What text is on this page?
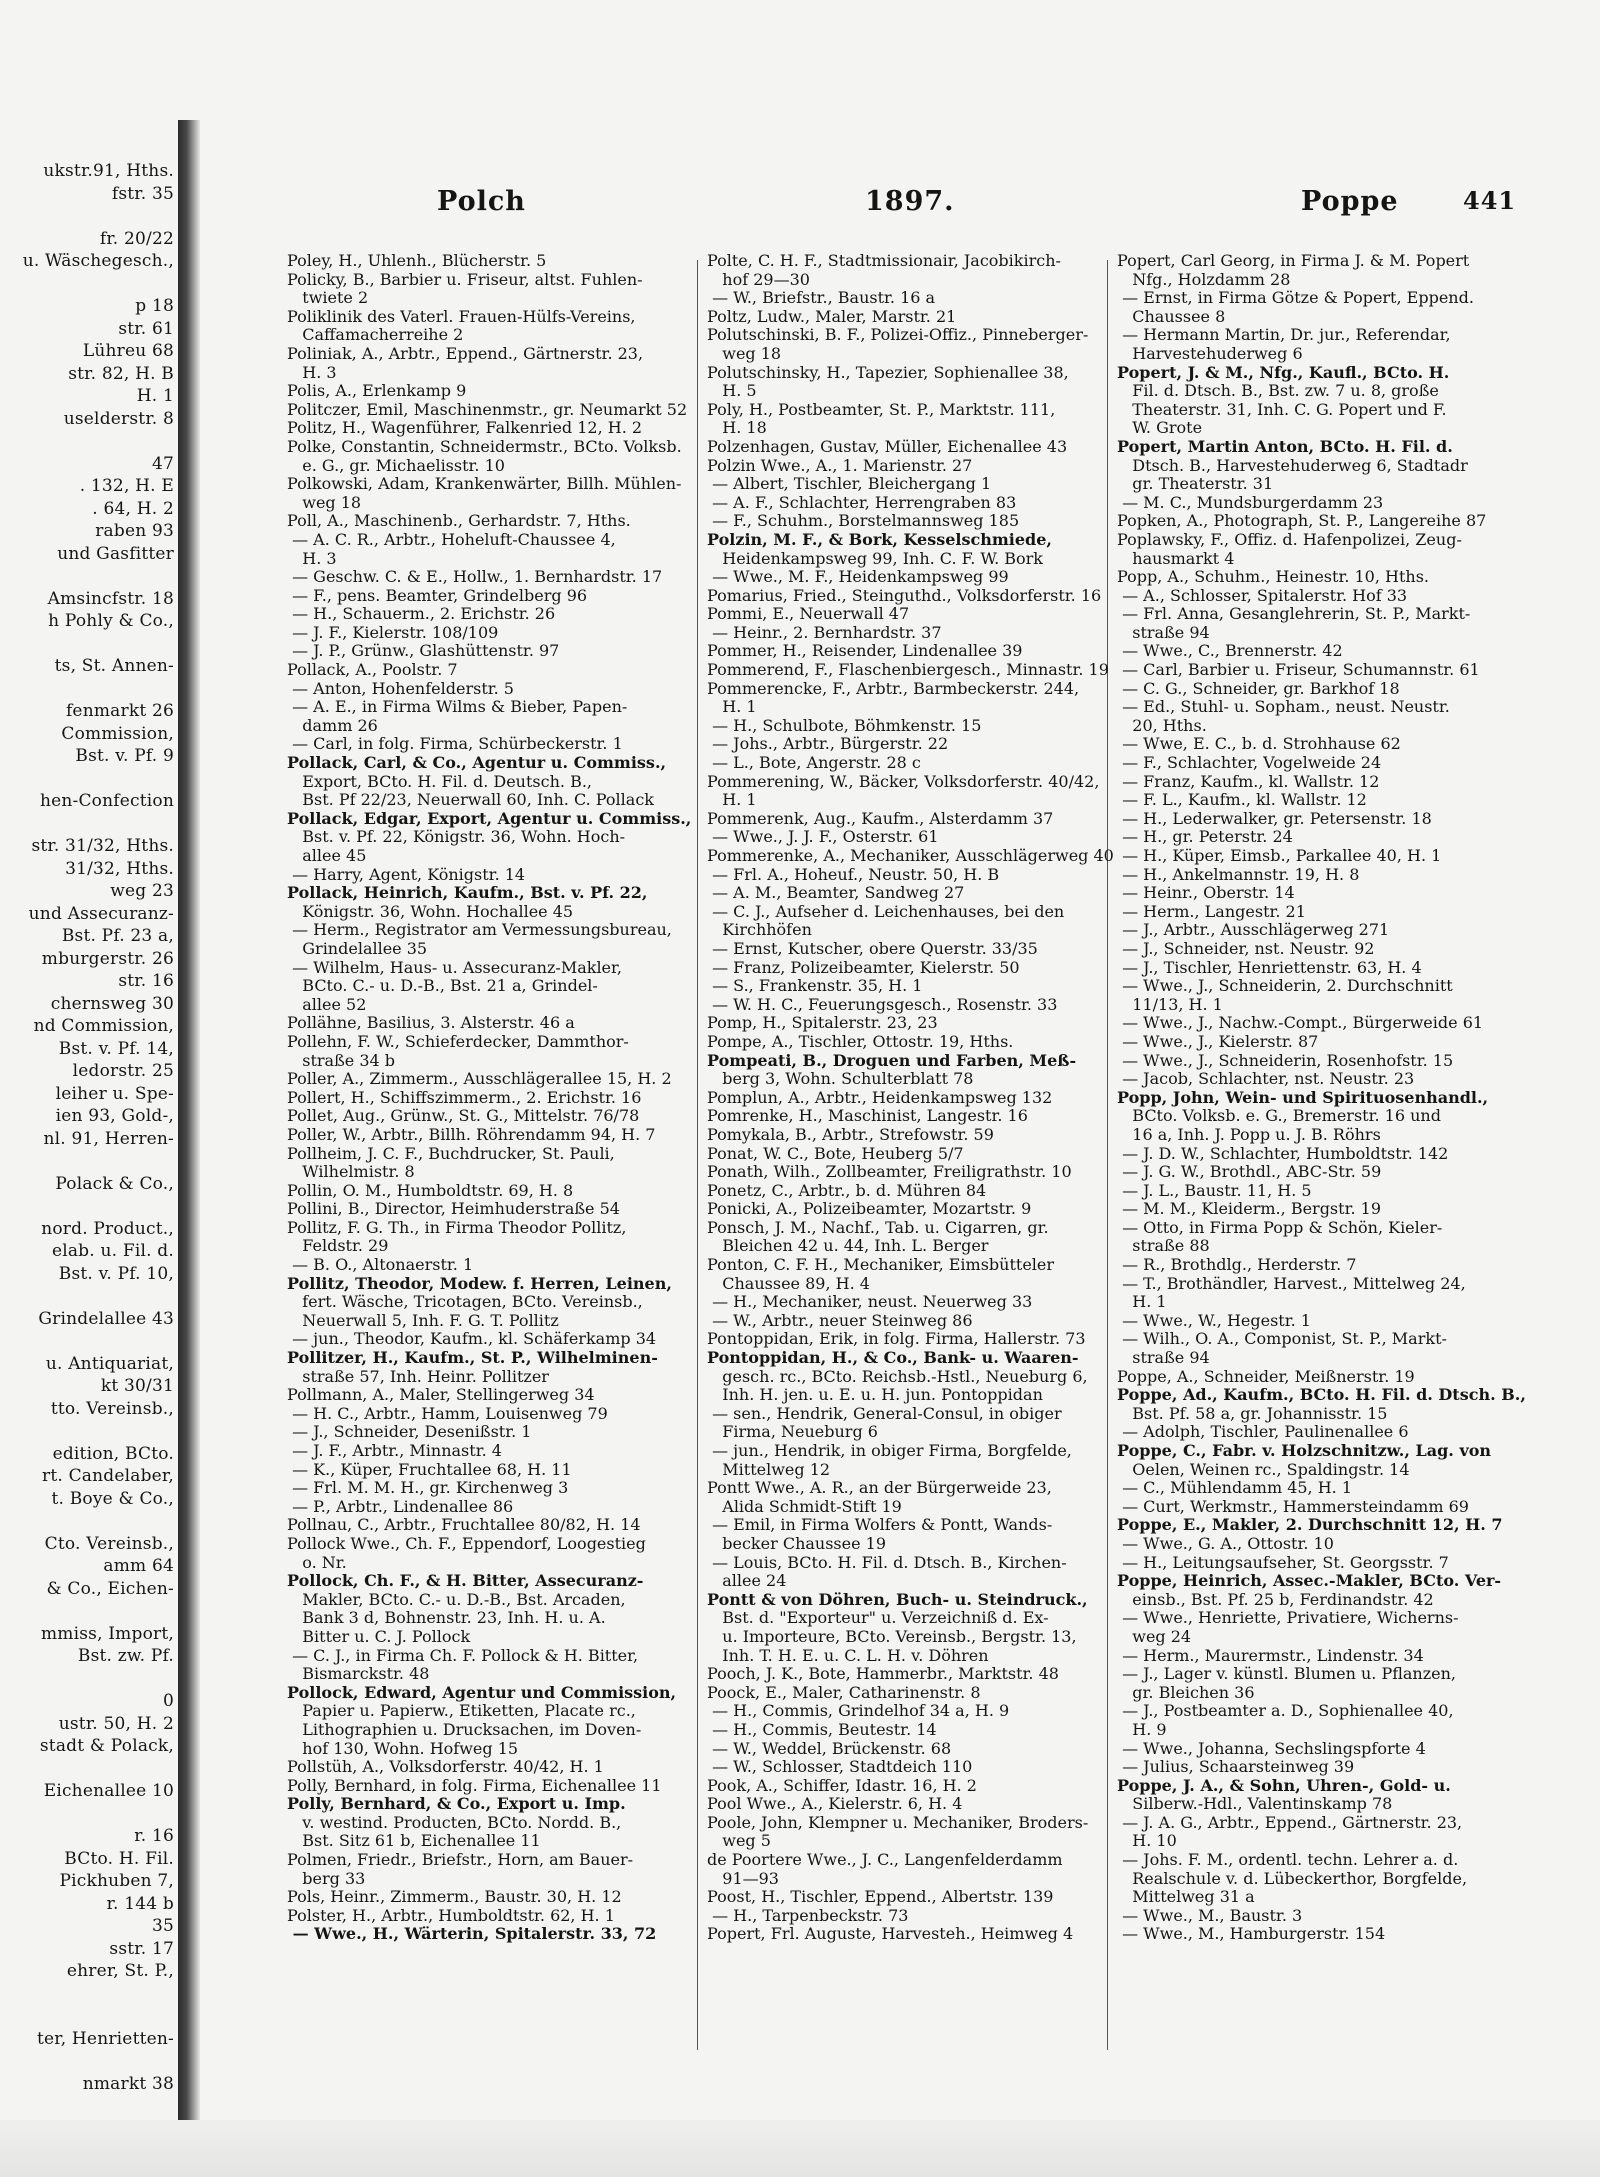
ukstr.91, Hths.
fstr. 35
fr. 20/22
u. Wäschegesch.,
p 18
str. 61
Lühreu 68
str. 82, H. B
H. 1
uselderstr. 8
47
. 132, H. E
. 64, H. 2
raben 93
und Gasfitter
Amsincfstr. 18
h Pohly & Co.,
ts, St. Annen-
fenmarkt 26
Commission,
Bst. v. Pf. 9
hen-Confection
str. 31/32, Hths.
31/32, Hths.
weg 23
und Assecuranz-
Bst. Pf. 23 a,
mburgerstr. 26
str. 16
chernsweg 30
nd Commission,
Bst. v. Pf. 14,
ledorstr. 25
leiher u. Spe-
ien 93, Gold-,
nl. 91, Herren-
Polack & Co.,
nord. Product.,
elab. u. Fil. d.
Bst. v. Pf. 10,
Grindelallee 43
u. Antiquariat,
kt 30/31
tto. Vereinsb.,
edition, BCto.
rt. Candelaber,
t. Boye & Co.,
Cto. Vereinsb.,
amm 64
& Co., Eichen-
mmiss, Import,
Bst. zw. Pf.
0
ustr. 50, H. 2
stadt & Polack,
Eichenallee 10
r. 16
BCto. H. Fil.
Pickhuben 7,
r. 144 b
35
sstr. 17
ehrer, St. P.,
ter, Henrietten-
nmarkt 38
Polch	1897.	Poppe	441
Poley, H., Uhlenh., Blücherstr. 5
Policky, B., Barbier u. Friseur, altst. Fuhlen-
twiete 2
Poliklinik des Vaterl. Frauen-Hülfs-Vereins,
Caffamacherreihe 2
Poliniak, A., Arbtr., Eppend., Gärtnerstr. 23,
H. 3
Polis, A., Erlenkamp 9
Politczer, Emil, Maschinenmstr., gr. Neumarkt 52
Politz, H., Wagenführer, Falkenried 12, H. 2
Polke, Constantin, Schneidermstr., BCto. Volksb.
e. G., gr. Michaelisstr. 10
Polkowski, Adam, Krankenwärter, Billh. Mühlen-
weg 18
Poll, A., Maschinenb., Gerhardstr. 7, Hths.
— A. C. R., Arbtr., Hoheluft-Chaussee 4,
H. 3
— Geschw. C. & E., Hollw., 1. Bernhardstr. 17
— F., pens. Beamter, Grindelberg 96
— H., Schauerm., 2. Erichstr. 26
— J. F., Kielerstr. 108/109
— J. P., Grünw., Glashüttenstr. 97
Pollack, A., Poolstr. 7
— Anton, Hohenfelderstr. 5
— A. E., in Firma Wilms & Bieber, Papen-
damm 26
— Carl, in folg. Firma, Schürbeckerstr. 1
Pollack, Carl, & Co., Agentur u. Commiss.,
Export, BCto. H. Fil. d. Deutsch. B.,
Bst. Pf 22/23, Neuerwall 60, Inh. C. Pollack
Pollack, Edgar, Export, Agentur u. Commiss.,
Bst. v. Pf. 22, Königstr. 36, Wohn. Hoch-
allee 45
— Harry, Agent, Königstr. 14
Pollack, Heinrich, Kaufm., Bst. v. Pf. 22,
Königstr. 36, Wohn. Hochallee 45
— Herm., Registrator am Vermessungsbureau,
Grindelallee 35
— Wilhelm, Haus- u. Assecuranz-Makler,
BCto. C.- u. D.-B., Bst. 21 a, Grindel-
allee 52
Pollähne, Basilius, 3. Alsterstr. 46 a
Pollehn, F. W., Schieferdecker, Dammthor-
straße 34 b
Poller, A., Zimmerm., Ausschlägerallee 15, H. 2
Pollert, H., Schiffszimmerm., 2. Erichstr. 16
Pollet, Aug., Grünw., St. G., Mittelstr. 76/78
Poller, W., Arbtr., Billh. Röhrendamm 94, H. 7
Pollheim, J. C. F., Buchdrucker, St. Pauli,
Wilhelmistr. 8
Pollin, O. M., Humboldtstr. 69, H. 8
Pollini, B., Director, Heimhuderstraße 54
Pollitz, F. G. Th., in Firma Theodor Pollitz,
Feldstr. 29
— B. O., Altonaerstr. 1
Pollitz, Theodor, Modew. f. Herren, Leinen,
fert. Wäsche, Tricotagen, BCto. Vereinsb.,
Neuerwall 5, Inh. F. G. T. Pollitz
— jun., Theodor, Kaufm., kl. Schäferkamp 34
Pollitzer, H., Kaufm., St. P., Wilhelminen-
straße 57, Inh. Heinr. Pollitzer
Pollmann, A., Maler, Stellingerweg 34
— H. C., Arbtr., Hamm, Louisenweg 79
— J., Schneider, Desenißstr. 1
— J. F., Arbtr., Minnastr. 4
— K., Küper, Fruchtallee 68, H. 11
— Frl. M. M. H., gr. Kirchenweg 3
— P., Arbtr., Lindenallee 86
Pollnau, C., Arbtr., Fruchtallee 80/82, H. 14
Pollock Wwe., Ch. F., Eppendorf, Loogestieg
o. Nr.
Pollock, Ch. F., & H. Bitter, Assecuranz-
Makler, BCto. C.- u. D.-B., Bst. Arcaden,
Bank 3 d, Bohnenstr. 23, Inh. H. u. A.
Bitter u. C. J. Pollock
— C. J., in Firma Ch. F. Pollock & H. Bitter,
Bismarckstr. 48
Pollock, Edward, Agentur und Commission,
Papier u. Papierw., Etiketten, Placate rc.,
Lithographien u. Drucksachen, im Doven-
hof 130, Wohn. Hofweg 15
Pollstüh, A., Volksdorferstr. 40/42, H. 1
Polly, Bernhard, in folg. Firma, Eichenallee 11
Polly, Bernhard, & Co., Export u. Imp.
v. westind. Producten, BCto. Nordd. B.,
Bst. Sitz 61 b, Eichenallee 11
Polmen, Friedr., Briefstr., Horn, am Bauer-
berg 33
Pols, Heinr., Zimmerm., Baustr. 30, H. 12
Polster, H., Arbtr., Humboldtstr. 62, H. 1
— Wwe., H., Wärterin, Spitalerstr. 33, 72
Polte, C. H. F., Stadtmissionair, Jacobikirch-
hof 29—30
— W., Briefstr., Baustr. 16 a
Poltz, Ludw., Maler, Marstr. 21
Polutschinski, B. F., Polizei-Offiz., Pinneberger-
weg 18
Polutschinsky, H., Tapezier, Sophienallee 38,
H. 5
Poly, H., Postbeamter, St. P., Marktstr. 111,
H. 18
Polzenhagen, Gustav, Müller, Eichenallee 43
Polzin Wwe., A., 1. Marienstr. 27
— Albert, Tischler, Bleichergang 1
— A. F., Schlachter, Herrengraben 83
— F., Schuhm., Borstelmannsweg 185
Polzin, M. F., & Bork, Kesselschmiede,
Heidenkampsweg 99, Inh. C. F. W. Bork
— Wwe., M. F., Heidenkampsweg 99
Pomarius, Fried., Steinguthd., Volksdorferstr. 16
Pommi, E., Neuerwall 47
— Heinr., 2. Bernhardstr. 37
Pommer, H., Reisender, Lindenallee 39
Pommerend, F., Flaschenbiergesch., Minnastr. 19
Pommerencke, F., Arbtr., Barmbeckerstr. 244,
H. 1
— H., Schulbote, Böhmkenstr. 15
— Johs., Arbtr., Bürgerstr. 22
— L., Bote, Angerstr. 28 c
Pommerening, W., Bäcker, Volksdorferstr. 40/42,
H. 1
Pommerenk, Aug., Kaufm., Alsterdamm 37
— Wwe., J. J. F., Osterstr. 61
Pommerenke, A., Mechaniker, Ausschlägerweg 40
— Frl. A., Hoheuf., Neustr. 50, H. B
— A. M., Beamter, Sandweg 27
— C. J., Aufseher d. Leichenhauses, bei den
Kirchhöfen
— Ernst, Kutscher, obere Querstr. 33/35
— Franz, Polizeibeamter, Kielerstr. 50
— S., Frankenstr. 35, H. 1
— W. H. C., Feuerungsgesch., Rosenstr. 33
Pomp, H., Spitalerstr. 23, 23
Pompe, A., Tischler, Ottostr. 19, Hths.
Pompeati, B., Droguen und Farben, Meß-
berg 3, Wohn. Schulterblatt 78
Pomplun, A., Arbtr., Heidenkampsweg 132
Pomrenke, H., Maschinist, Langestr. 16
Pomykala, B., Arbtr., Strefowstr. 59
Ponat, W. C., Bote, Heuberg 5/7
Ponath, Wilh., Zollbeamter, Freiligrathstr. 10
Ponetz, C., Arbtr., b. d. Mühren 84
Ponicki, A., Polizeibeamter, Mozartstr. 9
Ponsch, J. M., Nachf., Tab. u. Cigarren, gr.
Bleichen 42 u. 44, Inh. L. Berger
Ponton, C. F. H., Mechaniker, Eimsbütteler
Chaussee 89, H. 4
— H., Mechaniker, neust. Neuerweg 33
— W., Arbtr., neuer Steinweg 86
Pontoppidan, Erik, in folg. Firma, Hallerstr. 73
Pontoppidan, H., & Co., Bank- u. Waaren-
gesch. rc., BCto. Reichsb.-Hstl., Neueburg 6,
Inh. H. jen. u. E. u. H. jun. Pontoppidan
— sen., Hendrik, General-Consul, in obiger
Firma, Neueburg 6
— jun., Hendrik, in obiger Firma, Borgfelde,
Mittelweg 12
Pontt Wwe., A. R., an der Bürgerweide 23,
Alida Schmidt-Stift 19
— Emil, in Firma Wolfers & Pontt, Wands-
becker Chaussee 19
— Louis, BCto. H. Fil. d. Dtsch. B., Kirchen-
allee 24
Pontt & von Döhren, Buch- u. Steindruck.,
Bst. d. "Exporteur" u. Verzeichniß d. Ex-
u. Importeure, BCto. Vereinsb., Bergstr. 13,
Inh. T. H. E. u. C. L. H. v. Döhren
Pooch, J. K., Bote, Hammerbr., Marktstr. 48
Poock, E., Maler, Catharinenstr. 8
— H., Commis, Grindelhof 34 a, H. 9
— H., Commis, Beutestr. 14
— W., Weddel, Brückenstr. 68
— W., Schlosser, Stadtdeich 110
Pook, A., Schiffer, Idastr. 16, H. 2
Pool Wwe., A., Kielerstr. 6, H. 4
Poole, John, Klempner u. Mechaniker, Broders-
weg 5
de Poortere Wwe., J. C., Langenfelderdamm
91—93
Poost, H., Tischler, Eppend., Albertstr. 139
— H., Tarpenbeckstr. 73
Popert, Frl. Auguste, Harvesteh., Heimweg 4
Popert, Carl Georg, in Firma J. & M. Popert
Nfg., Holzdamm 28
— Ernst, in Firma Götze & Popert, Eppend.
Chaussee 8
— Hermann Martin, Dr. jur., Referendar,
Harvestehuderweg 6
Popert, J. & M., Nfg., Kaufl., BCto. H.
Fil. d. Dtsch. B., Bst. zw. 7 u. 8, große
Theaterstr. 31, Inh. C. G. Popert und F.
W. Grote
Popert, Martin Anton, BCto. H. Fil. d.
Dtsch. B., Harvestehuderweg 6, Stadtadr
gr. Theaterstr. 31
— M. C., Mundsburgerdamm 23
Popken, A., Photograph, St. P., Langereihe 87
Poplawsky, F., Offiz. d. Hafenpolizei, Zeug-
hausmarkt 4
Popp, A., Schuhm., Heinestr. 10, Hths.
— A., Schlosser, Spitalerstr. Hof 33
— Frl. Anna, Gesanglehrerin, St. P., Markt-
straße 94
— Wwe., C., Brennerstr. 42
— Carl, Barbier u. Friseur, Schumannstr. 61
— C. G., Schneider, gr. Barkhof 18
— Ed., Stuhl- u. Sopham., neust. Neustr.
20, Hths.
— Wwe, E. C., b. d. Strohhause 62
— F., Schlachter, Vogelweide 24
— Franz, Kaufm., kl. Wallstr. 12
— F. L., Kaufm., kl. Wallstr. 12
— H., Lederwalker, gr. Petersenstr. 18
— H., gr. Peterstr. 24
— H., Küper, Eimsb., Parkallee 40, H. 1
— H., Ankelmannstr. 19, H. 8
— Heinr., Oberstr. 14
— Herm., Langestr. 21
— J., Arbtr., Ausschlägerweg 271
— J., Schneider, nst. Neustr. 92
— J., Tischler, Henriettenstr. 63, H. 4
— Wwe., J., Schneiderin, 2. Durchschnitt
11/13, H. 1
— Wwe., J., Nachw.-Compt., Bürgerweide 61
— Wwe., J., Kielerstr. 87
— Wwe., J., Schneiderin, Rosenhofstr. 15
— Jacob, Schlachter, nst. Neustr. 23
Popp, John, Wein- und Spirituosenhandl.,
BCto. Volksb. e. G., Bremerstr. 16 und
16 a, Inh. J. Popp u. J. B. Röhrs
— J. D. W., Schlachter, Humboldtstr. 142
— J. G. W., Brothdl., ABC-Str. 59
— J. L., Baustr. 11, H. 5
— M. M., Kleiderm., Bergstr. 19
— Otto, in Firma Popp & Schön, Kieler-
straße 88
— R., Brothdlg., Herderstr. 7
— T., Brothändler, Harvest., Mittelweg 24,
H. 1
— Wwe., W., Hegestr. 1
— Wilh., O. A., Componist, St. P., Markt-
straße 94
Poppe, A., Schneider, Meißnerstr. 19
Poppe, Ad., Kaufm., BCto. H. Fil. d. Dtsch. B.,
Bst. Pf. 58 a, gr. Johannisstr. 15
— Adolph, Tischler, Paulinenallee 6
Poppe, C., Fabr. v. Holzschnitzw., Lag. von
Oelen, Weinen rc., Spaldingstr. 14
— C., Mühlendamm 45, H. 1
— Curt, Werkmstr., Hammersteindamm 69
Poppe, E., Makler, 2. Durchschnitt 12, H. 7
— Wwe., G. A., Ottostr. 10
— H., Leitungsaufseher, St. Georgsstr. 7
Poppe, Heinrich, Assec.-Makler, BCto. Ver-
einsb., Bst. Pf. 25 b, Ferdinandstr. 42
— Wwe., Henriette, Privatiere, Wicherns-
weg 24
— Herm., Maurermstr., Lindenstr. 34
— J., Lager v. künstl. Blumen u. Pflanzen,
gr. Bleichen 36
— J., Postbeamter a. D., Sophienallee 40,
H. 9
— Wwe., Johanna, Sechslingspforte 4
— Julius, Schaarsteinweg 39
Poppe, J. A., & Sohn, Uhren-, Gold- u.
Silberw.-Hdl., Valentinskamp 78
— J. A. G., Arbtr., Eppend., Gärtnerstr. 23,
H. 10
— Johs. F. M., ordentl. techn. Lehrer a. d.
Realschule v. d. Lübeckerthor, Borgfelde,
Mittelweg 31 a
— Wwe., M., Baustr. 3
— Wwe., M., Hamburgerstr. 154
